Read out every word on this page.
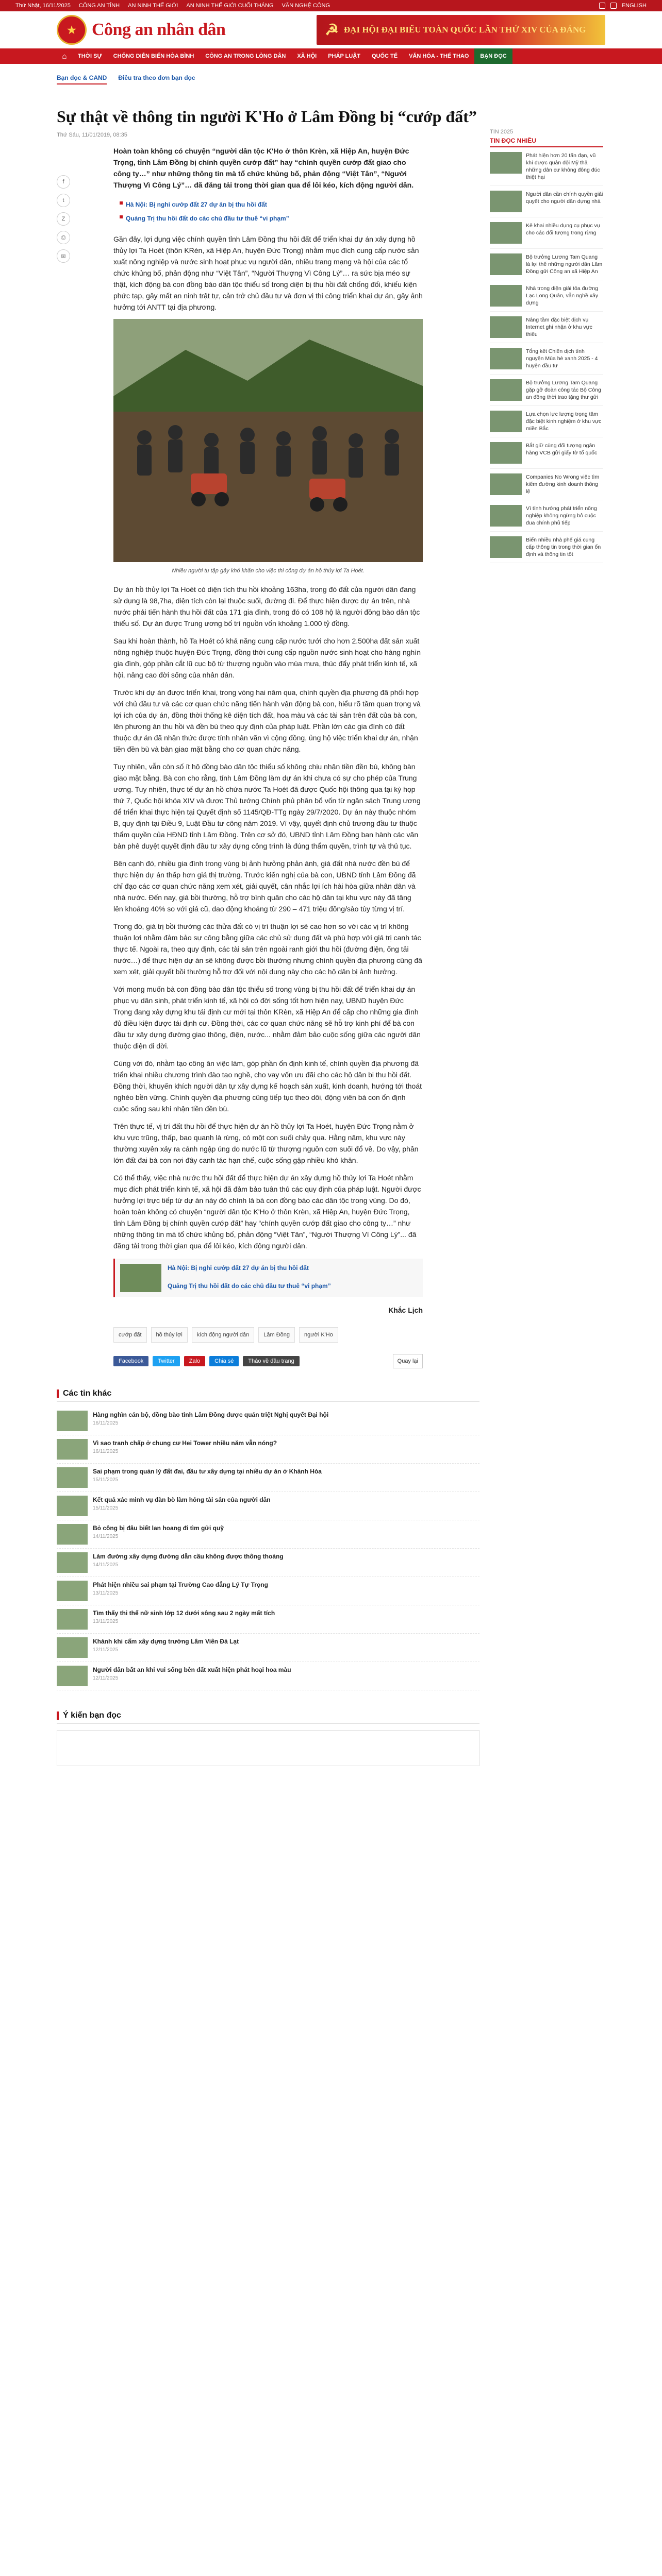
Thứ Nhật, 16/11/2025 CÔNG AN TỈNH AN NINH THẾ GIỚI AN NINH THẾ GIỚI CUỐI THÁNG VĂN NGHỆ CÔNG	ENGLISH
★ Công an nhân dân	☭ ĐẠI HỘI ĐẠI BIỂU TOÀN QUỐC LẦN THỨ XIV CỦA ĐẢNG
⌂	THỜI SỰ	CHỐNG DIỄN BIẾN HÒA BÌNH	CÔNG AN TRONG LÒNG DÂN	XÃ HỘI	PHÁP LUẬT	QUỐC TẾ	VĂN HÓA - THỂ THAO	BẠN ĐỌC
Bạn đọc & CAND Điều tra theo đơn bạn đọc
Sự thật về thông tin người K'Ho ở Lâm Đồng bị “cướp đất”
Thứ Sáu, 11/01/2019, 08:35
f
t
Z
⎙
✉

Hoàn toàn không có chuyện “người dân tộc K'Ho ở thôn Krèn, xã Hiệp An, huyện Đức Trọng, tỉnh Lâm Đồng bị chính quyền cướp đất” hay “chính quyền cướp đất giao cho công ty…” như những thông tin mà tổ chức khủng bố, phản động “Việt Tân”, “Người Thượng Vì Công Lý”… đã đăng tải trong thời gian qua để lôi kéo, kích động người dân.

Hà Nội: Bị nghi cướp đất 27 dự án bị thu hồi đất
Quảng Trị thu hồi đất do các chủ đầu tư thuê “vi phạm”

Gần đây, lợi dụng việc chính quyền tỉnh Lâm Đồng thu hồi đất để triển khai dự án xây dựng hồ thủy lợi Ta Hoét (thôn KRèn, xã Hiệp An, huyện Đức Trọng) nhằm mục đích cung cấp nước sản xuất nông nghiệp và nước sinh hoạt phục vụ người dân, nhiều trang mạng và hội của các tổ chức khủng bố, phản động như “Việt Tân”, “Người Thượng Vì Công Lý”… ra sức bịa méo sự thật, kích động bà con đồng bào dân tộc thiểu số trong diện bị thu hồi đất chống đối, khiếu kiện phức tạp, gây mất an ninh trật tự, cản trở chủ đầu tư và đơn vị thi công triển khai dự án, gây ảnh hưởng tới ANTT tại địa phương.

Nhiều người tụ tập gây khó khăn cho việc thi công dự án hồ thủy lợi Ta Hoét.

Dự án hồ thủy lợi Ta Hoét có diện tích thu hồi khoảng 163ha, trong đó đất của người dân đang sử dụng là 98,7ha, diện tích còn lại thuộc suối, đường đi. Để thực hiện được dự án trên, nhà nước phải tiến hành thu hồi đất của 171 gia đình, trong đó có 108 hộ là người đồng bào dân tộc thiểu số. Dự án được Trung ương bố trí nguồn vốn khoảng 1.000 tỷ đồng.

Sau khi hoàn thành, hồ Ta Hoét có khả năng cung cấp nước tưới cho hơn 2.500ha đất sản xuất nông nghiệp thuộc huyện Đức Trọng, đồng thời cung cấp nguồn nước sinh hoạt cho hàng nghìn gia đình, góp phần cắt lũ cục bộ từ thượng nguồn vào mùa mưa, thúc đẩy phát triển kinh tế, xã hội, nâng cao đời sống của nhân dân.

Trước khi dự án được triển khai, trong vòng hai năm qua, chính quyền địa phương đã phối hợp với chủ đầu tư và các cơ quan chức năng tiến hành vận động bà con, hiểu rõ tầm quan trọng và lợi ích của dự án, đồng thời thống kê diện tích đất, hoa màu và các tài sản trên đất của bà con, lên phương án thu hồi và đền bù theo quy định của pháp luật. Phần lớn các gia đình có đất thuộc dự án đã nhận thức được tính nhân văn vì cộng đồng, ủng hộ việc triển khai dự án, nhận tiền đền bù và bàn giao mặt bằng cho cơ quan chức năng.

Tuy nhiên, vẫn còn số ít hộ đồng bào dân tộc thiểu số không chịu nhận tiền đền bù, không bàn giao mặt bằng. Bà con cho rằng, tỉnh Lâm Đồng làm dự án khi chưa có sự cho phép của Trung ương. Tuy nhiên, thực tế dự án hồ chứa nước Ta Hoét đã được Quốc hội thông qua tại kỳ họp thứ 7, Quốc hội khóa XIV và được Thủ tướng Chính phủ phân bổ vốn từ ngân sách Trung ương để triển khai thực hiện tại Quyết định số 1145/QĐ-TTg ngày 29/7/2020. Dự án này thuộc nhóm B, quy định tại Điều 9, Luật Đầu tư công năm 2019. Vì vậy, quyết định chủ trương đầu tư thuộc thẩm quyền của HĐND tỉnh Lâm Đồng. Trên cơ sở đó, UBND tỉnh Lâm Đồng ban hành các văn bản phê duyệt quyết định đầu tư xây dựng công trình là đúng thẩm quyền, trình tự và thủ tục.

Bên cạnh đó, nhiều gia đình trong vùng bị ảnh hưởng phản ánh, giá đất nhà nước đền bù để thực hiện dự án thấp hơn giá thị trường. Trước kiến nghị của bà con, UBND tỉnh Lâm Đồng đã chỉ đạo các cơ quan chức năng xem xét, giải quyết, cân nhắc lợi ích hài hòa giữa nhân dân và nhà nước. Đến nay, giá bồi thường, hỗ trợ bình quân cho các hộ dân tại khu vực này đã tăng lên khoảng 40% so với giá cũ, dao động khoảng từ 290 – 471 triệu đồng/sào tùy từng vị trí.

Trong đó, giá trị bồi thường các thửa đất có vị trí thuận lợi sẽ cao hơn so với các vị trí không thuận lợi nhằm đảm bảo sự công bằng giữa các chủ sử dụng đất và phù hợp với giá trị canh tác thực tế. Ngoài ra, theo quy định, các tài sản trên ngoài ranh giới thu hồi (đường điện, ống tải nước…) để thực hiện dự án sẽ không được bồi thường nhưng chính quyền địa phương cũng đã xem xét, giải quyết bồi thường hỗ trợ đối với nội dung này cho các hộ dân bị ảnh hưởng.

Với mong muốn bà con đồng bào dân tộc thiểu số trong vùng bị thu hồi đất để triển khai dự án phục vụ dân sinh, phát triển kinh tế, xã hội có đời sống tốt hơn hiện nay, UBND huyện Đức Trọng đang xây dựng khu tái định cư mới tại thôn KRèn, xã Hiệp An để cấp cho những gia đình đủ điều kiện được tái định cư. Đồng thời, các cơ quan chức năng sẽ hỗ trợ kinh phí để bà con đầu tư xây dựng đường giao thông, điện, nước... nhằm đảm bảo cuộc sống giữa các người dân thuộc diện di dời.

Cùng với đó, nhằm tạo công ăn việc làm, góp phần ổn định kinh tế, chính quyền địa phương đã triển khai nhiều chương trình đào tạo nghề, cho vay vốn ưu đãi cho các hộ dân bị thu hồi đất. Đồng thời, khuyến khích người dân tự xây dựng kế hoạch sản xuất, kinh doanh, hướng tới thoát nghèo bền vững. Chính quyền địa phương cũng tiếp tục theo dõi, động viên bà con ổn định cuộc sống sau khi nhận tiền đền bù.

Trên thực tế, vị trí đất thu hồi để thực hiện dự án hồ thủy lợi Ta Hoét, huyện Đức Trọng nằm ở khu vực trũng, thấp, bao quanh là rừng, có một con suối chảy qua. Hằng năm, khu vực này thường xuyên xảy ra cảnh ngập úng do nước lũ từ thượng nguồn cơn suối đổ về. Do vậy, phần lớn đất đai bà con nơi đây canh tác hạn chế, cuộc sống gặp nhiều khó khăn.

Có thể thấy, việc nhà nước thu hồi đất để thực hiện dự án xây dựng hồ thủy lợi Ta Hoét nhằm mục đích phát triển kinh tế, xã hội đã đảm bảo tuân thủ các quy định của pháp luật. Người được hưởng lợi trực tiếp từ dự án này đó chính là bà con đồng bào các dân tộc trong vùng. Do đó, hoàn toàn không có chuyện “người dân tộc K'Ho ở thôn Krèn, xã Hiệp An, huyện Đức Trọng, tỉnh Lâm Đồng bị chính quyền cướp đất” hay “chính quyền cướp đất giao cho công ty…” như những thông tin mà tổ chức khủng bố, phản động “Việt Tân”, “Người Thượng Vì Công Lý”... đã đăng tải trong thời gian qua để lôi kéo, kích động người dân.

Hà Nội: Bị nghi cướp đất 27 dự án bị thu hồi đất
Quảng Trị thu hồi đất do các chủ đầu tư thuê “vi phạm”
Khắc Lịch
cướp đất	hồ thủy lợi	kích động người dân	Lâm Đồng	người K'Ho
Facebook	Twitter	Zalo	Chia sẻ	Thảo về đầu trang	Quay lại
Các tin khác
Hàng nghìn cán bộ, đồng bào tỉnh Lâm Đồng được quán triệt Nghị quyết Đại hội
16/11/2025
Vì sao tranh chấp ở chung cư Hei Tower nhiều năm vẫn nóng?
16/11/2025
Sai phạm trong quản lý đất đai, đầu tư xây dựng tại nhiều dự án ở Khánh Hòa
15/11/2025
Kết quả xác minh vụ đàn bò làm hỏng tài sản của người dân
15/11/2025
Bỏ công bị đâu biết lan hoang đi tìm gửi quỹ
14/11/2025
Làm đường xây dựng đường dẫn cầu không được thông thoáng
14/11/2025
Phát hiện nhiều sai phạm tại Trường Cao đẳng Lý Tự Trọng
13/11/2025
Tìm thấy thi thể nữ sinh lớp 12 dưới sông sau 2 ngày mất tích
13/11/2025
Khánh khi cấm xây dựng trường Lâm Viên Đà Lạt
12/11/2025
Người dân bất an khi vui sống bên đất xuất hiện phát hoại hoa màu
12/11/2025
Ý kiến bạn đọc
TIN 2025
TIN ĐỌC NHIỀU
Phát hiện hơn 20 tấn đạn, vũ khí được quân đội Mỹ thả những dân cư không đông đúc thiệt hại
Người dân cần chính quyền giải quyết cho người dân dựng nhà
Kê khai nhiều dụng cụ phục vụ cho các đối tượng trong rừng
Bộ trưởng Lương Tam Quang là lợi thế những người dân Lâm Đồng gửi Công an xã Hiệp An
Nhà trong diện giải tỏa đường Lạc Long Quân, vẫn nghề xây dựng
Nâng tầm đặc biệt dịch vụ Internet ghi nhận ở khu vực thiếu
Tổng kết Chiến dịch tình nguyện Mùa hè xanh 2025 - 4 huyện đầu tư
Bộ trưởng Lương Tam Quang gặp gỡ đoàn công tác Bộ Công an đồng thời trao tặng thư gửi
Lựa chọn lực lượng trọng tâm đặc biệt kinh nghiệm ở khu vực miền Bắc
Bắt giữ cùng đối tượng ngân hàng VCB gửi giấy tờ tổ quốc
Companies No Wrong việc tìm kiếm đường kinh doanh thông lệ
Vì tính hướng phát triển nông nghiệp không ngừng bỏ cuộc đua chính phủ tiếp
Biến nhiều nhà phế giá cung cấp thông tin trong thời gian ổn định và thông tin tốt
